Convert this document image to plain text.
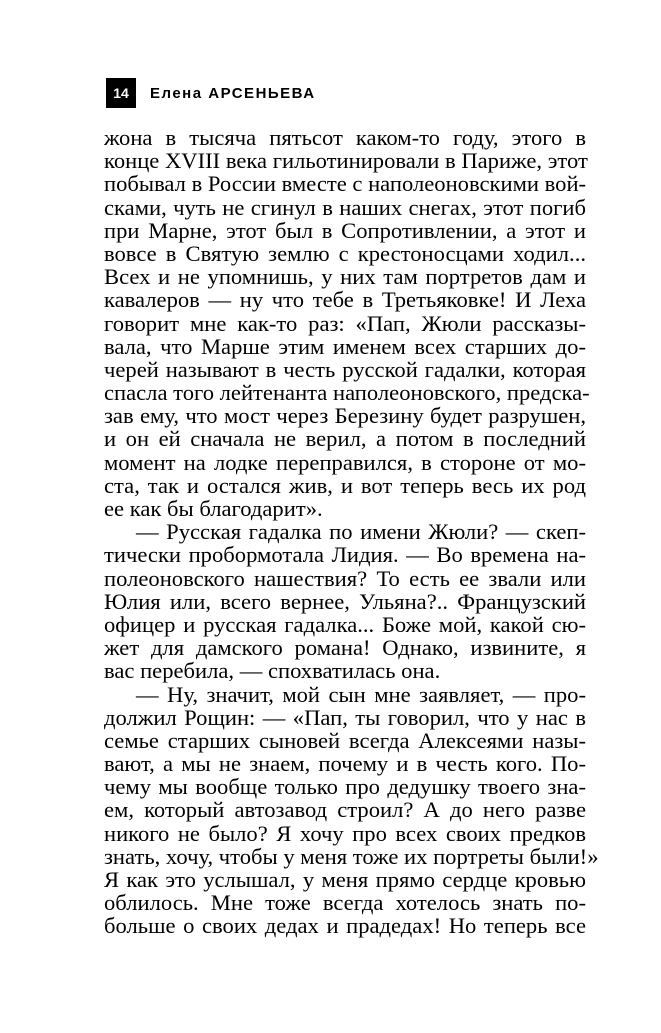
14	Елена АРСЕНЬЕВА
жона в тысяча пятьсот каком-то году, этого в
конце XVIII века гильотинировали в Париже, этот
побывал в России вместе с наполеоновскими вой-
сками, чуть не сгинул в наших снегах, этот погиб
при Марне, этот был в Сопротивлении, а этот и
вовсе в Святую землю с крестоносцами ходил...
Всех и не упомнишь, у них там портретов дам и
кавалеров — ну что тебе в Третьяковке! И Леха
говорит мне как-то раз: «Пап, Жюли рассказы-
вала, что Марше этим именем всех старших до-
черей называют в честь русской гадалки, которая
спасла того лейтенанта наполеоновского, предска-
зав ему, что мост через Березину будет разрушен,
и он ей сначала не верил, а потом в последний
момент на лодке переправился, в стороне от мо-
ста, так и остался жив, и вот теперь весь их род
ее как бы благодарит».
— Русская гадалка по имени Жюли? — скеп-
тически пробормотала Лидия. — Во времена на-
полеоновского нашествия? То есть ее звали или
Юлия или, всего вернее, Ульяна?.. Французский
офицер и русская гадалка... Боже мой, какой сю-
жет для дамского романа! Однако, извините, я
вас перебила, — спохватилась она.
— Ну, значит, мой сын мне заявляет, — про-
должил Рощин: — «Пап, ты говорил, что у нас в
семье старших сыновей всегда Алексеями назы-
вают, а мы не знаем, почему и в честь кого. По-
чему мы вообще только про дедушку твоего зна-
ем, который автозавод строил? А до него разве
никого не было? Я хочу про всех своих предков
знать, хочу, чтобы у меня тоже их портреты были!»
Я как это услышал, у меня прямо сердце кровью
облилось. Мне тоже всегда хотелось знать по-
больше о своих дедах и прадедах! Но теперь все
